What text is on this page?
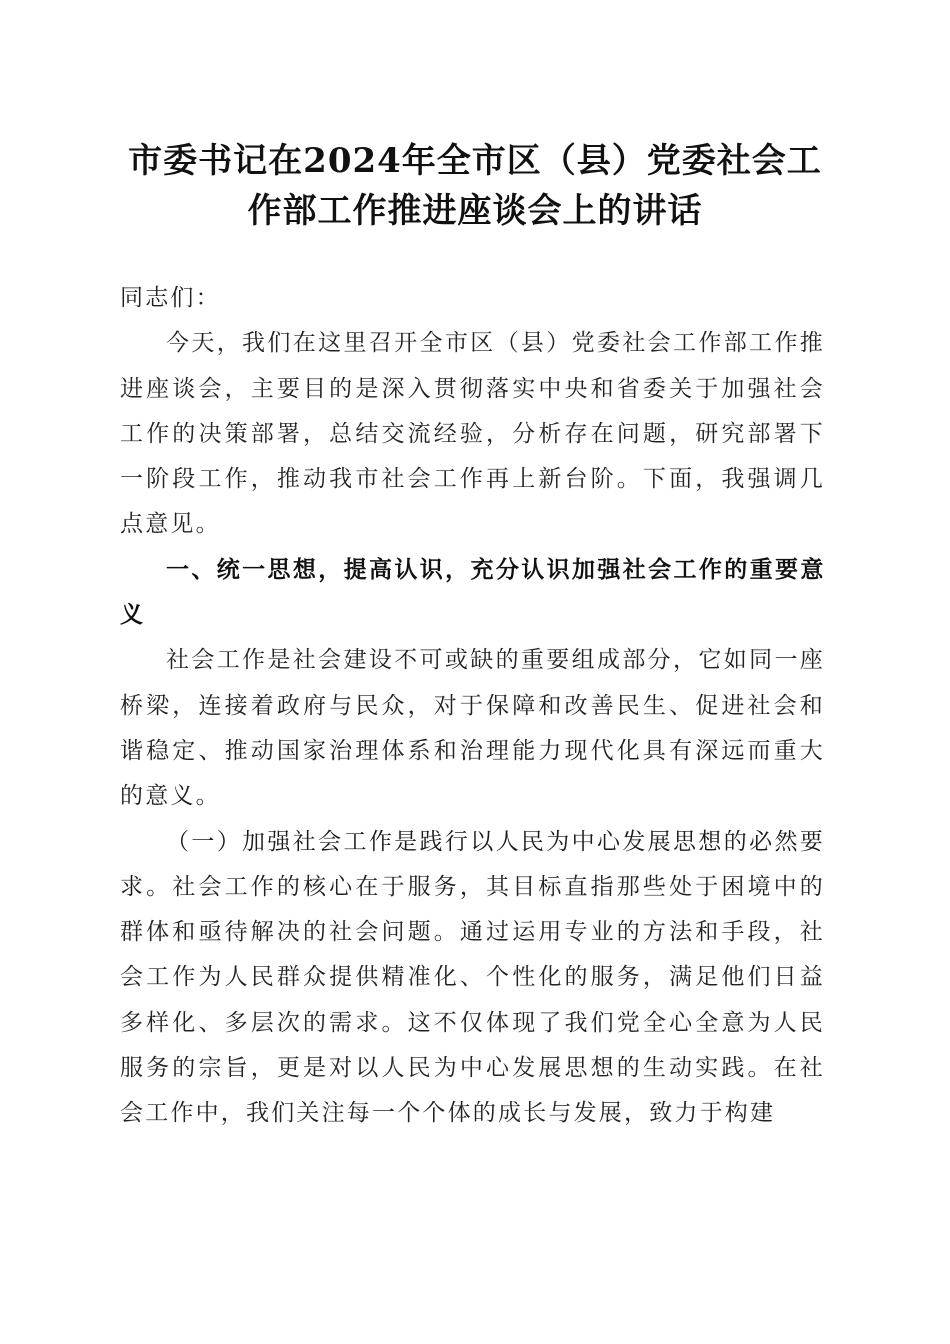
市委书记在2024年全市区（县）党委社会工
作部工作推进座谈会上的讲话

同志们：

今天，我们在这里召开全市区（县）党委社会工作部工作推进座谈会，主要目的是深入贯彻落实中央和省委关于加强社会工作的决策部署，总结交流经验，分析存在问题，研究部署下一阶段工作，推动我市社会工作再上新台阶。下面，我强调几点意见。

一、统一思想，提高认识，充分认识加强社会工作的重要意义

社会工作是社会建设不可或缺的重要组成部分，它如同一座桥梁，连接着政府与民众，对于保障和改善民生、促进社会和谐稳定、推动国家治理体系和治理能力现代化具有深远而重大的意义。

（一）加强社会工作是践行以人民为中心发展思想的必然要求。社会工作的核心在于服务，其目标直指那些处于困境中的群体和亟待解决的社会问题。通过运用专业的方法和手段，社会工作为人民群众提供精准化、个性化的服务，满足他们日益多样化、多层次的需求。这不仅体现了我们党全心全意为人民服务的宗旨，更是对以人民为中心发展思想的生动实践。在社会工作中，我们关注每一个个体的成长与发展，致力于构建
